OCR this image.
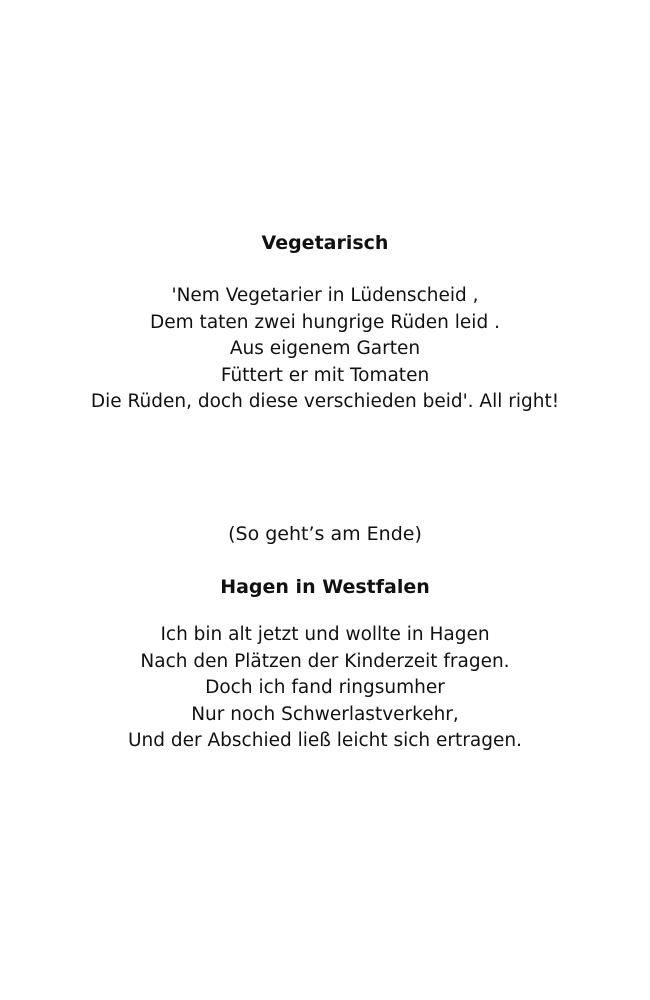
Vegetarisch
'Nem Vegetarier in Lüdenscheid ,
Dem taten zwei hungrige Rüden leid .
Aus eigenem Garten
Füttert er mit Tomaten
Die Rüden, doch diese verschieden beid'. All right!
(So geht’s am Ende)
Hagen in Westfalen
Ich bin alt jetzt und wollte in Hagen
Nach den Plätzen der Kinderzeit fragen.
Doch ich fand ringsumher
Nur noch Schwerlastverkehr,
Und der Abschied ließ leicht sich ertragen.
